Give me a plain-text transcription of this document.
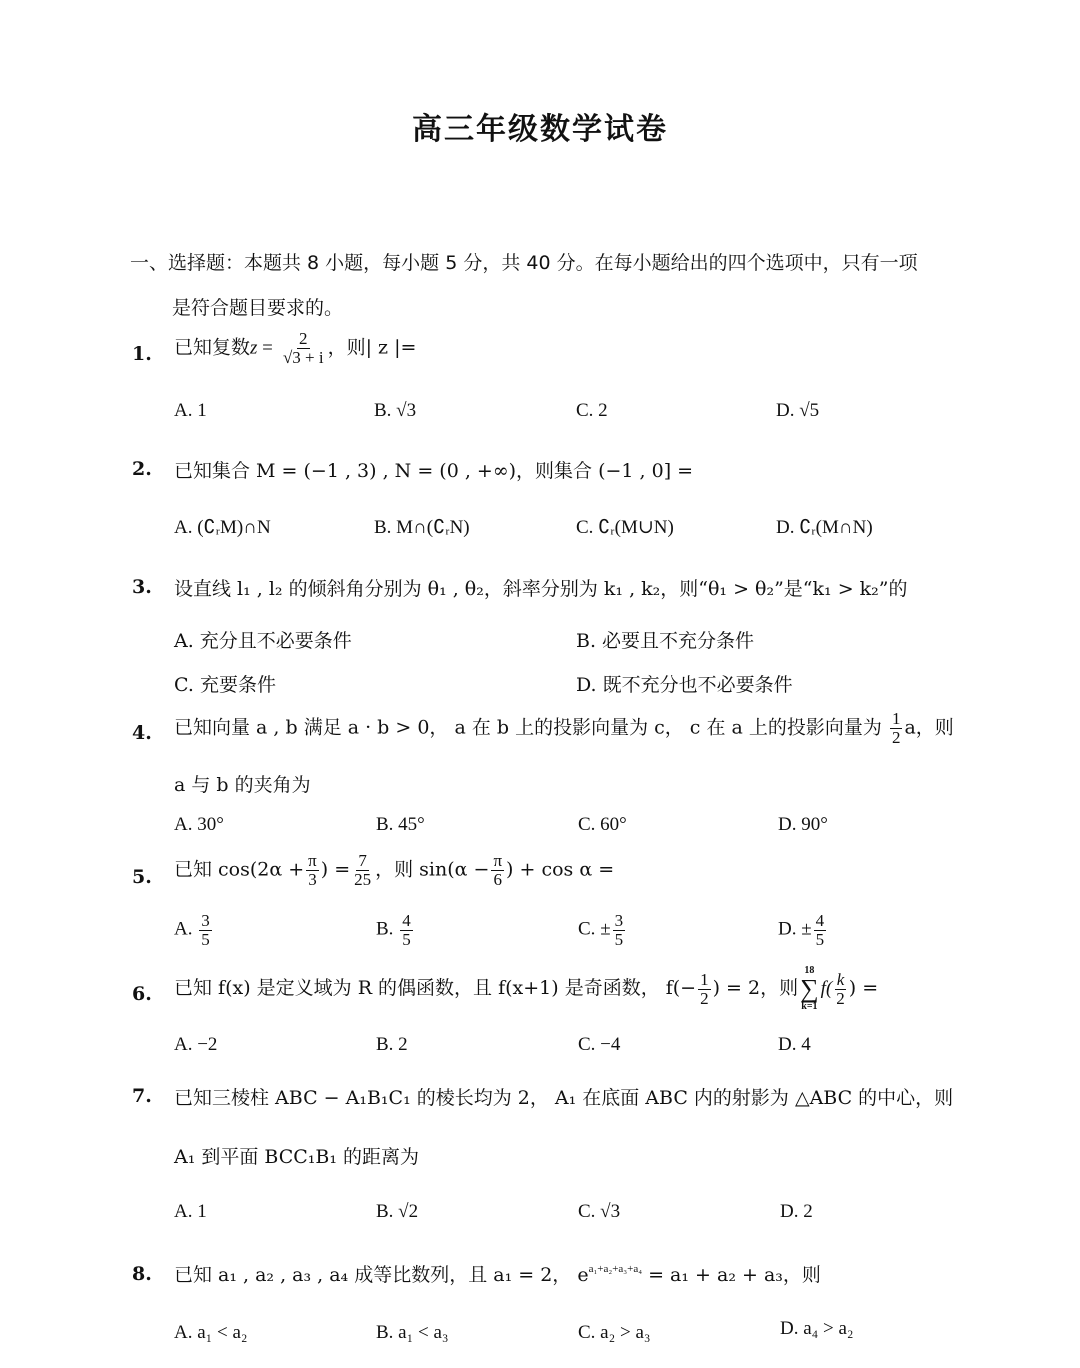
高三年级数学试卷
一、选择题：本题共 8 小题，每小题 5 分，共 40 分。在每小题给出的四个选项中，只有一项
是符合题目要求的。
1. 已知复数$z = \frac{2}{√3 + i}$ ，则| z |=
A. 1	B. √3	C. 2	D. √5
2. 已知集合 M = (−1 , 3) , N = (0 , +∞)，则集合 (−1 , 0] =
A. (∁ᵣM)∩N	B. M∩(∁ᵣN)	C. ∁ᵣ(M∪N)	D. ∁ᵣ(M∩N)
3. 设直线 l₁ , l₂ 的倾斜角分别为 θ₁ , θ₂，斜率分别为 k₁ , k₂，则“θ₁ > θ₂”是“k₁ > k₂”的
A. 充分且不必要条件	B. 必要且不充分条件
C. 充要条件	D. 既不充分也不必要条件
4. 已知向量 a , b 满足 a · b > 0， a 在 b 上的投影向量为 c， c 在 a 上的投影向量为 $\frac{1}{2}$ a，则
a 与 b 的夹角为
A. 30°	B. 45°	C. 60°	D. 90°
5. 已知 $\cos(2\alpha + \frac{\pi}{3}$ ) = $\frac{7}{25}$ ，则 $\sin(\alpha - \frac{\pi}{6}$ ) + cos α =
A. $\frac{3}{5}$	B. $\frac{4}{5}$	C. ± $\frac{3}{5}$	D. ± $\frac{4}{5}$
6. 已知 f(x) 是定义域为 R 的偶函数，且 f(x+1) 是奇函数， $f(- \frac{1}{2}$ ) = 2，则
18
∑
k=1
$f( \frac{k}{2}$ ) =
A. −2	B. 2	C. −4	D. 4
7. 已知三棱柱 ABC − A₁B₁C₁ 的棱长均为 2， A₁ 在底面 ABC 内的射影为 △ABC 的中心，则
A₁ 到平面 BCC₁B₁ 的距离为
A. 1	B. √2	C. √3	D. 2
8. 已知 a₁ , a₂ , a₃ , a₄ 成等比数列，且 a₁ = 2， $e^{a_1+a_2+a_3+a_4} = a_1 + a_2 + a_3$，则
A. a₁ < a₂	B. a₁ < a₃	C. a₂ > a₃	D. a₄ > a₂
